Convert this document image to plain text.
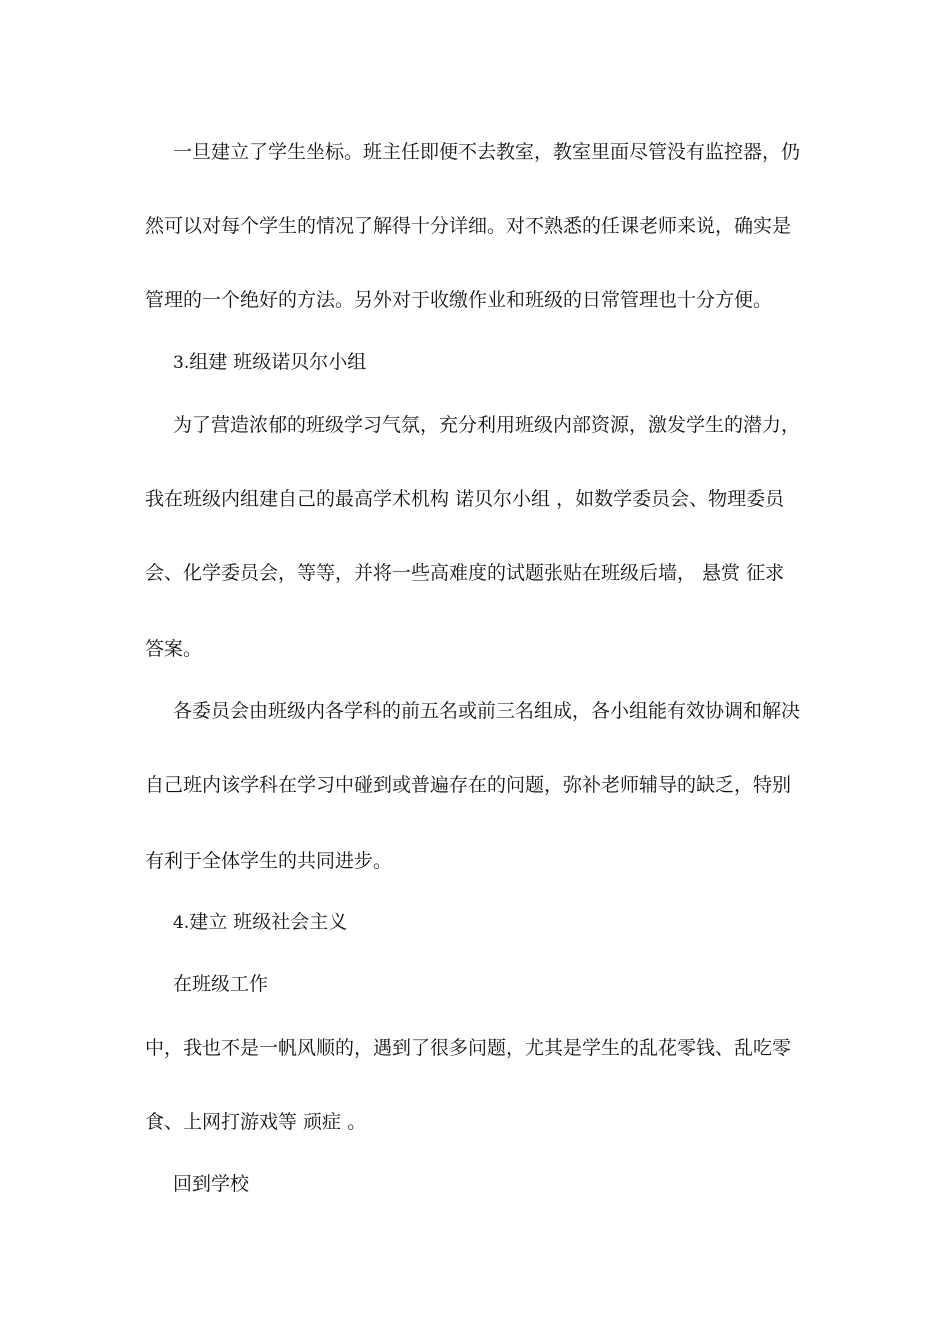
一旦建立了学生坐标。班主任即便不去教室，教室里面尽管没有监控器，仍
然可以对每个学生的情况了解得十分详细。对不熟悉的任课老师来说，确实是
管理的一个绝好的方法。另外对于收缴作业和班级的日常管理也十分方便。
3.组建 班级诺贝尔小组
为了营造浓郁的班级学习气氛，充分利用班级内部资源，激发学生的潜力，
我在班级内组建自己的最高学术机构 诺贝尔小组 ，如数学委员会、物理委员
会、化学委员会，等等，并将一些高难度的试题张贴在班级后墙， 悬赏 征求
答案。
各委员会由班级内各学科的前五名或前三名组成，各小组能有效协调和解决
自己班内该学科在学习中碰到或普遍存在的问题，弥补老师辅导的缺乏，特别
有利于全体学生的共同进步。
4.建立 班级社会主义
在班级工作
中，我也不是一帆风顺的，遇到了很多问题，尤其是学生的乱花零钱、乱吃零
食、上网打游戏等 顽症 。
回到学校
